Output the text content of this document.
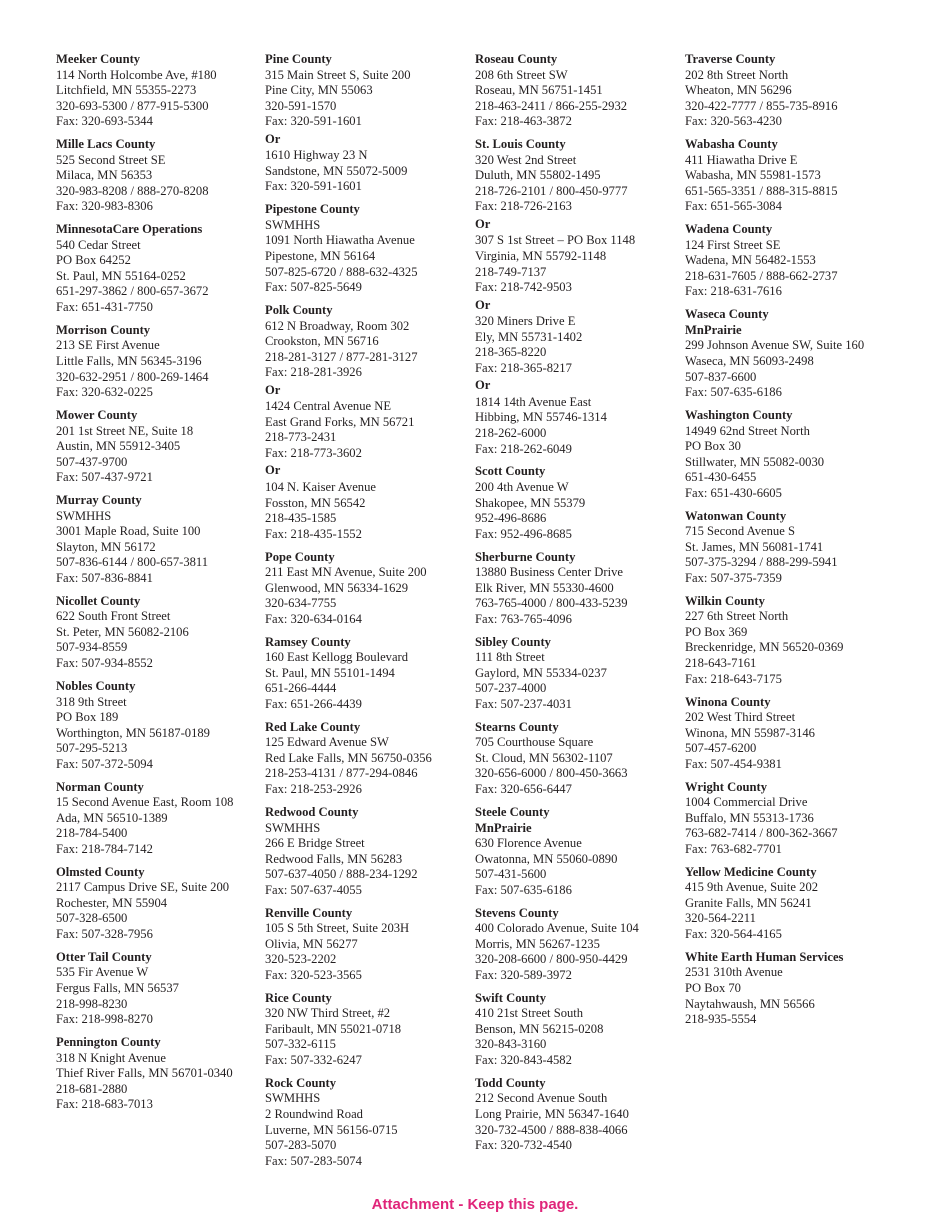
Meeker County
114 North Holcombe Ave, #180
Litchfield, MN 55355-2273
320-693-5300 / 877-915-5300
Fax: 320-693-5344
Mille Lacs County
525 Second Street SE
Milaca, MN 56353
320-983-8208 / 888-270-8208
Fax: 320-983-8306
MinnesotaCare Operations
540 Cedar Street
PO Box 64252
St. Paul, MN 55164-0252
651-297-3862 / 800-657-3672
Fax: 651-431-7750
Morrison County
213 SE First Avenue
Little Falls, MN 56345-3196
320-632-2951 / 800-269-1464
Fax: 320-632-0225
Mower County
201 1st Street NE, Suite 18
Austin, MN 55912-3405
507-437-9700
Fax: 507-437-9721
Murray County
SWMHHS
3001 Maple Road, Suite 100
Slayton, MN 56172
507-836-6144 / 800-657-3811
Fax: 507-836-8841
Nicollet County
622 South Front Street
St. Peter, MN 56082-2106
507-934-8559
Fax: 507-934-8552
Nobles County
318 9th Street
PO Box 189
Worthington, MN 56187-0189
507-295-5213
Fax: 507-372-5094
Norman County
15 Second Avenue East, Room 108
Ada, MN 56510-1389
218-784-5400
Fax: 218-784-7142
Olmsted County
2117 Campus Drive SE, Suite 200
Rochester, MN 55904
507-328-6500
Fax: 507-328-7956
Otter Tail County
535 Fir Avenue W
Fergus Falls, MN 56537
218-998-8230
Fax: 218-998-8270
Pennington County
318 N Knight Avenue
Thief River Falls, MN 56701-0340
218-681-2880
Fax: 218-683-7013
Pine County
315 Main Street S, Suite 200
Pine City, MN 55063
320-591-1570
Fax: 320-591-1601
Or
1610 Highway 23 N
Sandstone, MN 55072-5009
Fax: 320-591-1601
Pipestone County
SWMHHS
1091 North Hiawatha Avenue
Pipestone, MN 56164
507-825-6720 / 888-632-4325
Fax: 507-825-5649
Polk County
612 N Broadway, Room 302
Crookston, MN 56716
218-281-3127 / 877-281-3127
Fax: 218-281-3926
Or
1424 Central Avenue NE
East Grand Forks, MN 56721
218-773-2431
Fax: 218-773-3602
Or
104 N. Kaiser Avenue
Fosston, MN 56542
218-435-1585
Fax: 218-435-1552
Pope County
211 East MN Avenue, Suite 200
Glenwood, MN 56334-1629
320-634-7755
Fax: 320-634-0164
Ramsey County
160 East Kellogg Boulevard
St. Paul, MN 55101-1494
651-266-4444
Fax: 651-266-4439
Red Lake County
125 Edward Avenue SW
Red Lake Falls, MN 56750-0356
218-253-4131 / 877-294-0846
Fax: 218-253-2926
Redwood County
SWMHHS
266 E Bridge Street
Redwood Falls, MN 56283
507-637-4050 / 888-234-1292
Fax: 507-637-4055
Renville County
105 S 5th Street, Suite 203H
Olivia, MN 56277
320-523-2202
Fax: 320-523-3565
Rice County
320 NW Third Street, #2
Faribault, MN 55021-0718
507-332-6115
Fax: 507-332-6247
Rock County
SWMHHS
2 Roundwind Road
Luverne, MN 56156-0715
507-283-5070
Fax: 507-283-5074
Roseau County
208 6th Street SW
Roseau, MN 56751-1451
218-463-2411 / 866-255-2932
Fax: 218-463-3872
St. Louis County
320 West 2nd Street
Duluth, MN 55802-1495
218-726-2101 / 800-450-9777
Fax: 218-726-2163
Or
307 S 1st Street – PO Box 1148
Virginia, MN 55792-1148
218-749-7137
Fax: 218-742-9503
Or
320 Miners Drive E
Ely, MN 55731-1402
218-365-8220
Fax: 218-365-8217
Or
1814 14th Avenue East
Hibbing, MN 55746-1314
218-262-6000
Fax: 218-262-6049
Scott County
200 4th Avenue W
Shakopee, MN 55379
952-496-8686
Fax: 952-496-8685
Sherburne County
13880 Business Center Drive
Elk River, MN 55330-4600
763-765-4000 / 800-433-5239
Fax: 763-765-4096
Sibley County
111 8th Street
Gaylord, MN 55334-0237
507-237-4000
Fax: 507-237-4031
Stearns County
705 Courthouse Square
St. Cloud, MN 56302-1107
320-656-6000 / 800-450-3663
Fax: 320-656-6447
Steele County
MnPrairie
630 Florence Avenue
Owatonna, MN 55060-0890
507-431-5600
Fax: 507-635-6186
Stevens County
400 Colorado Avenue, Suite 104
Morris, MN 56267-1235
320-208-6600 / 800-950-4429
Fax: 320-589-3972
Swift County
410 21st Street South
Benson, MN 56215-0208
320-843-3160
Fax: 320-843-4582
Todd County
212 Second Avenue South
Long Prairie, MN 56347-1640
320-732-4500 / 888-838-4066
Fax: 320-732-4540
Traverse County
202 8th Street North
Wheaton, MN 56296
320-422-7777 / 855-735-8916
Fax: 320-563-4230
Wabasha County
411 Hiawatha Drive E
Wabasha, MN 55981-1573
651-565-3351 / 888-315-8815
Fax: 651-565-3084
Wadena County
124 First Street SE
Wadena, MN 56482-1553
218-631-7605 / 888-662-2737
Fax: 218-631-7616
Waseca County
MnPrairie
299 Johnson Avenue SW, Suite 160
Waseca, MN 56093-2498
507-837-6600
Fax: 507-635-6186
Washington County
14949 62nd Street North
PO Box 30
Stillwater, MN 55082-0030
651-430-6455
Fax: 651-430-6605
Watonwan County
715 Second Avenue S
St. James, MN 56081-1741
507-375-3294 / 888-299-5941
Fax: 507-375-7359
Wilkin County
227 6th Street North
PO Box 369
Breckenridge, MN 56520-0369
218-643-7161
Fax: 218-643-7175
Winona County
202 West Third Street
Winona, MN 55987-3146
507-457-6200
Fax: 507-454-9381
Wright County
1004 Commercial Drive
Buffalo, MN 55313-1736
763-682-7414 / 800-362-3667
Fax: 763-682-7701
Yellow Medicine County
415 9th Avenue, Suite 202
Granite Falls, MN 56241
320-564-2211
Fax: 320-564-4165
White Earth Human Services
2531 310th Avenue
PO Box 70
Naytahwaush, MN 56566
218-935-5554
Attachment - Keep this page.
